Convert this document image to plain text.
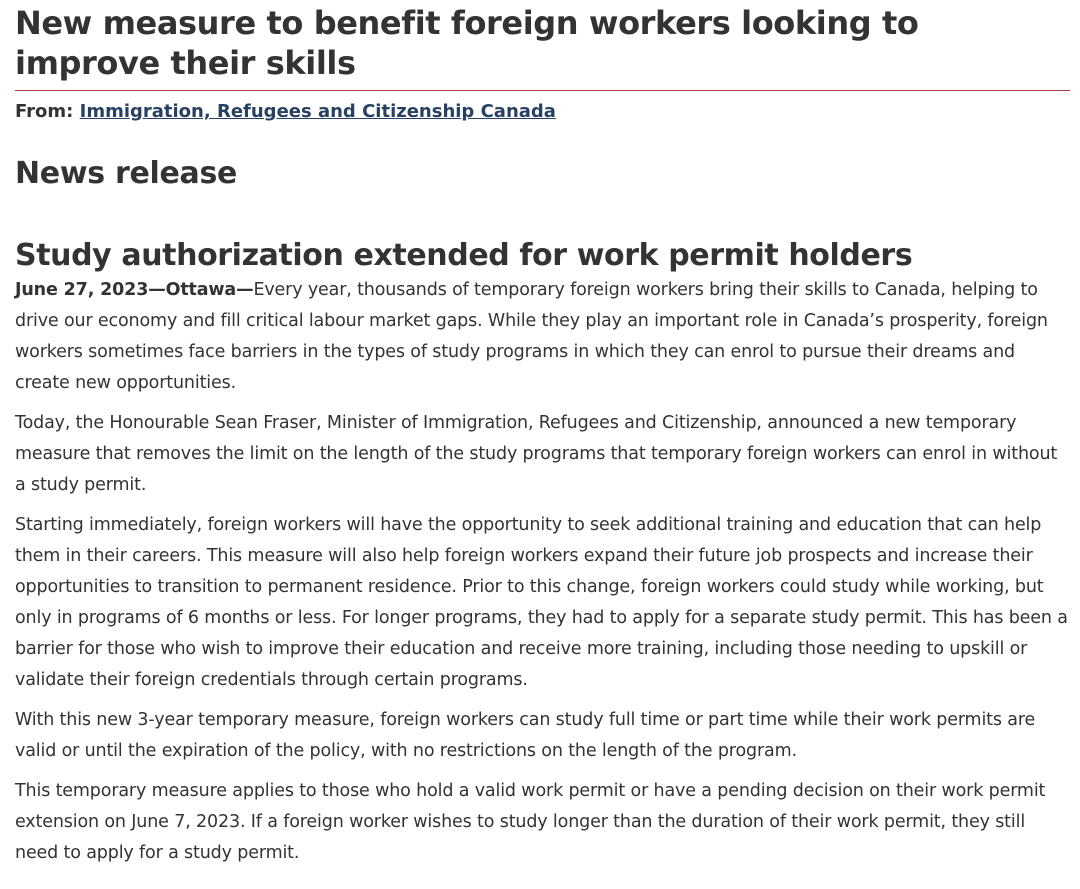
New measure to benefit foreign workers looking to improve their skills
From: Immigration, Refugees and Citizenship Canada
News release
Study authorization extended for work permit holders

June 27, 2023—Ottawa—Every year, thousands of temporary foreign workers bring their skills to Canada, helping to drive our economy and fill critical labour market gaps. While they play an important role in Canada’s prosperity, foreign workers sometimes face barriers in the types of study programs in which they can enrol to pursue their dreams and create new opportunities.

Today, the Honourable Sean Fraser, Minister of Immigration, Refugees and Citizenship, announced a new temporary measure that removes the limit on the length of the study programs that temporary foreign workers can enrol in without a study permit.

Starting immediately, foreign workers will have the opportunity to seek additional training and education that can help them in their careers. This measure will also help foreign workers expand their future job prospects and increase their opportunities to transition to permanent residence. Prior to this change, foreign workers could study while working, but only in programs of 6 months or less. For longer programs, they had to apply for a separate study permit. This has been a barrier for those who wish to improve their education and receive more training, including those needing to upskill or validate their foreign credentials through certain programs.

With this new 3-year temporary measure, foreign workers can study full time or part time while their work permits are valid or until the expiration of the policy, with no restrictions on the length of the program.

This temporary measure applies to those who hold a valid work permit or have a pending decision on their work permit extension on June 7, 2023. If a foreign worker wishes to study longer than the duration of their work permit, they still need to apply for a study permit.
